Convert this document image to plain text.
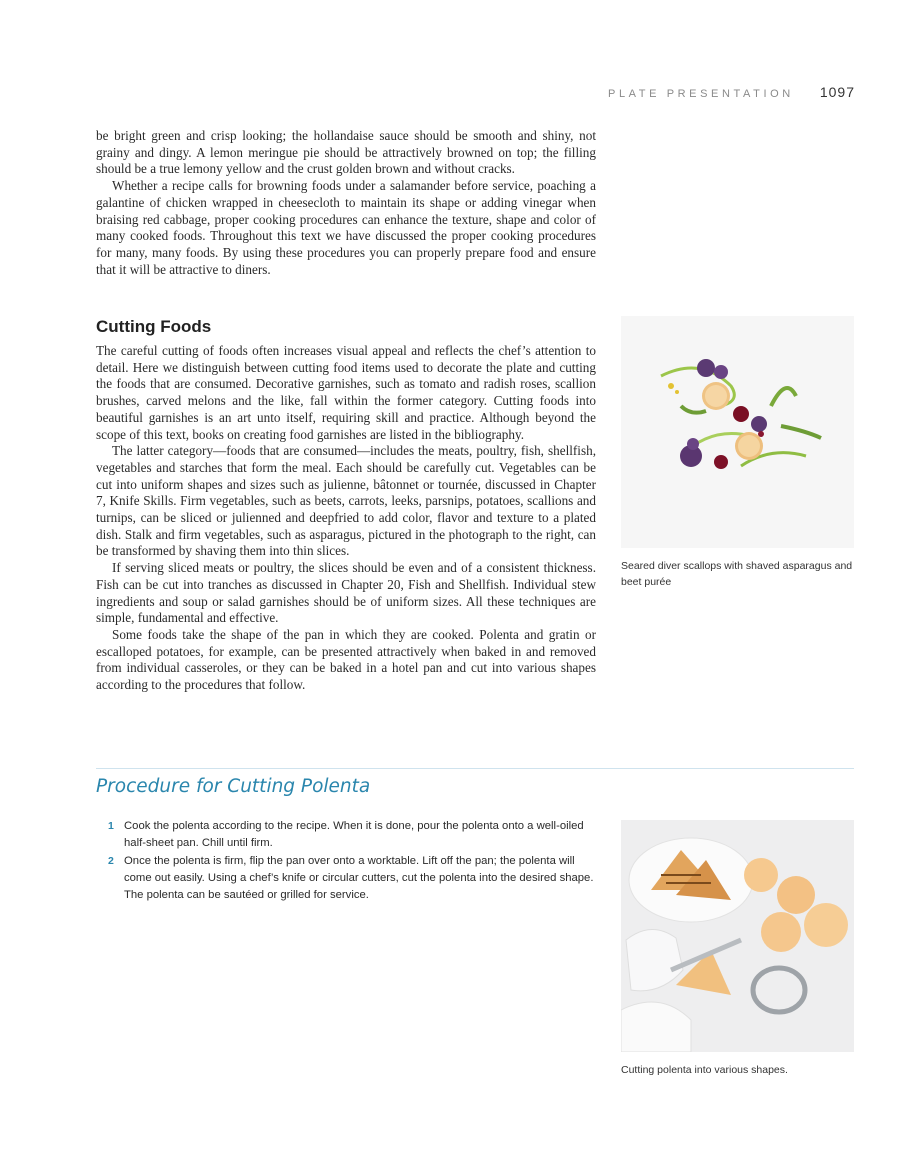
PLATE PRESENTATION 1097

be bright green and crisp looking; the hollandaise sauce should be smooth and shiny, not grainy and dingy. A lemon meringue pie should be attractively browned on top; the filling should be a true lemony yellow and the crust golden brown and without cracks.

Whether a recipe calls for browning foods under a salamander before service, poaching a galantine of chicken wrapped in cheesecloth to maintain its shape or adding vinegar when braising red cabbage, proper cooking procedures can enhance the texture, shape and color of many cooked foods. Throughout this text we have discussed the proper cooking procedures for many, many foods. By using these procedures you can properly prepare food and ensure that it will be attractive to diners.

Cutting Foods

The careful cutting of foods often increases visual appeal and reflects the chef’s attention to detail. Here we distinguish between cutting food items used to decorate the plate and cutting the foods that are consumed. Decorative garnishes, such as tomato and radish roses, scallion brushes, carved melons and the like, fall within the former category. Cutting foods into beautiful garnishes is an art unto itself, requiring skill and practice. Although beyond the scope of this text, books on creating food garnishes are listed in the bibliography.

The latter category—foods that are consumed—includes the meats, poultry, fish, shellfish, vegetables and starches that form the meal. Each should be carefully cut. Vegetables can be cut into uniform shapes and sizes such as julienne, bâtonnet or tournée, discussed in Chapter 7, Knife Skills. Firm vegetables, such as beets, carrots, leeks, parsnips, potatoes, scallions and turnips, can be sliced or julienned and deepfried to add color, flavor and texture to a plated dish. Stalk and firm vegetables, such as asparagus, pictured in the photograph to the right, can be transformed by shaving them into thin slices.

If serving sliced meats or poultry, the slices should be even and of a consistent thickness. Fish can be cut into tranches as discussed in Chapter 20, Fish and Shellfish. Individual stew ingredients and soup or salad garnishes should be of uniform sizes. All these techniques are simple, fundamental and effective.

Some foods take the shape of the pan in which they are cooked. Polenta and gratin or escalloped potatoes, for example, can be presented attractively when baked in and removed from individual casseroles, or they can be baked in a hotel pan and cut into various shapes according to the procedures that follow.

Seared diver scallops with shaved asparagus and beet purée

Procedure for Cutting Polenta
1 Cook the polenta according to the recipe. When it is done, pour the polenta onto a well-oiled half-sheet pan. Chill until firm.
2 Once the polenta is firm, flip the pan over onto a worktable. Lift off the pan; the polenta will come out easily. Using a chef’s knife or circular cutters, cut the polenta into the desired shape. The polenta can be sautéed or grilled for service.

Cutting polenta into various shapes.
